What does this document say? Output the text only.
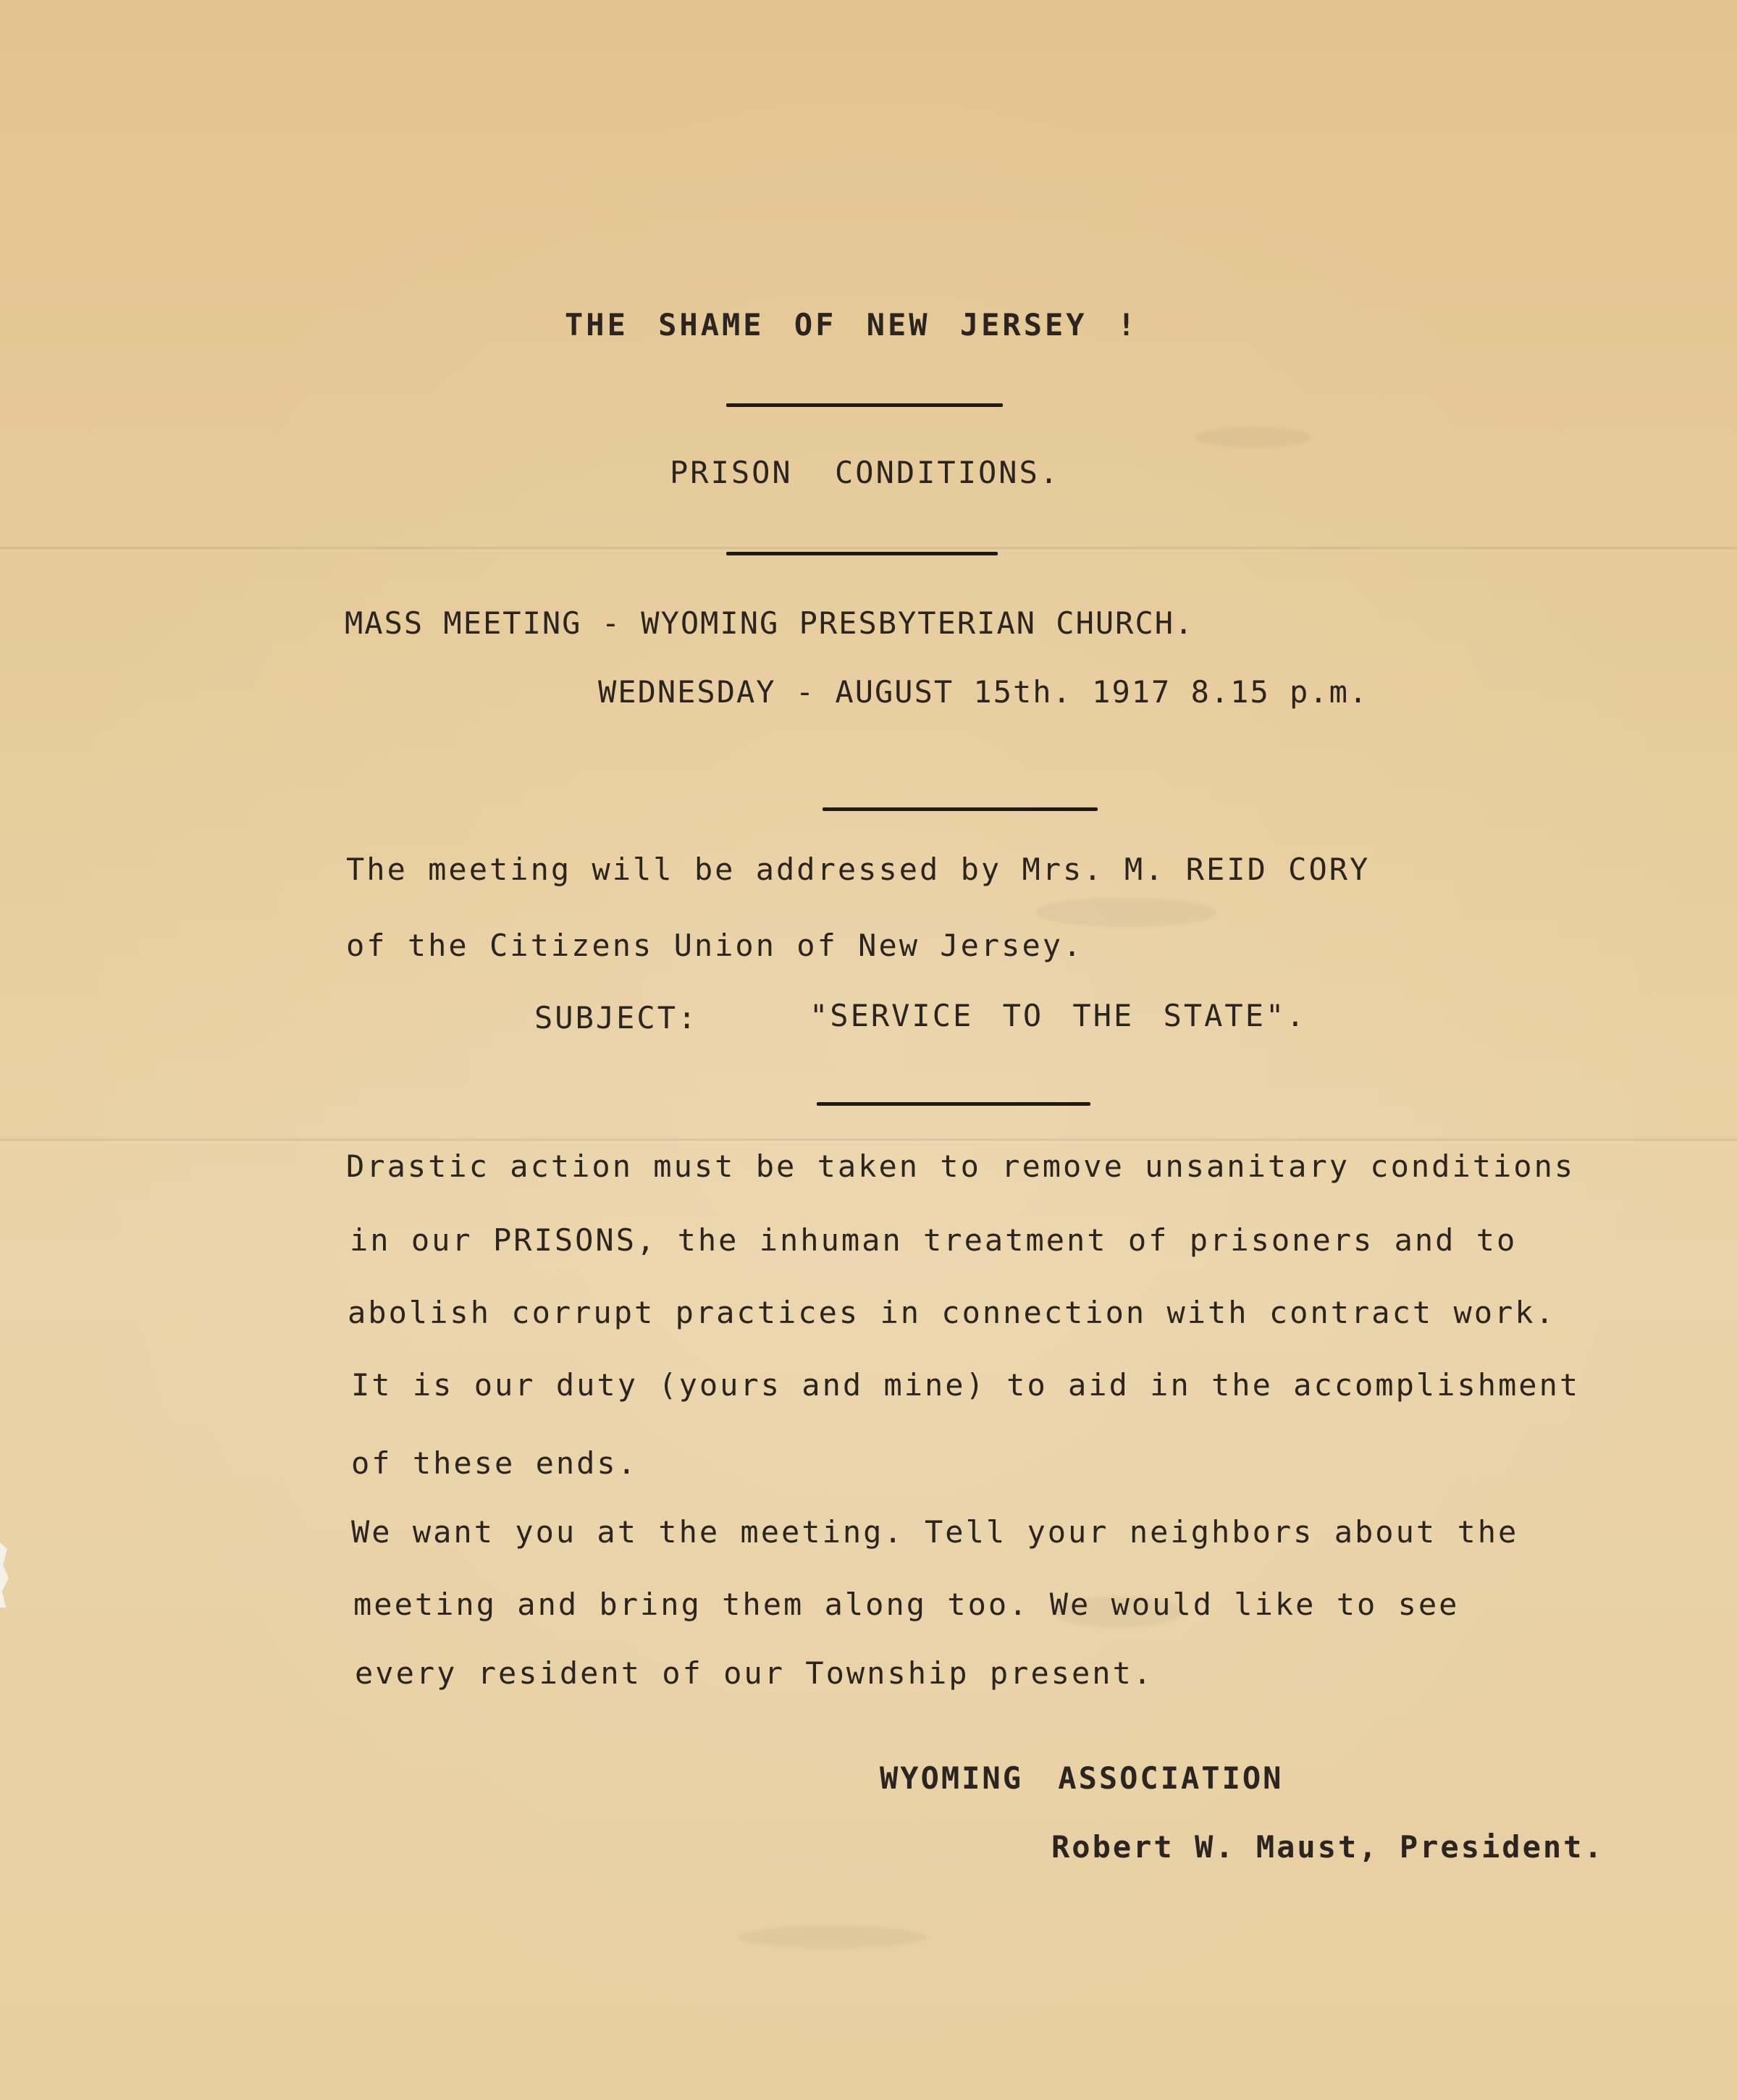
THE SHAME OF NEW JERSEY !
PRISON CONDITIONS.
MASS MEETING - WYOMING PRESBYTERIAN CHURCH.
WEDNESDAY - AUGUST 15th. 1917 8.15 p.m.
The meeting will be addressed by Mrs. M. REID CORY
of the Citizens Union of New Jersey.
SUBJECT:	"SERVICE TO THE STATE".
Drastic action must be taken to remove unsanitary conditions
in our PRISONS, the inhuman treatment of prisoners and to
abolish corrupt practices in connection with contract work.
It is our duty (yours and mine) to aid in the accomplishment
of these ends.
We want you at the meeting. Tell your neighbors about the
meeting and bring them along too. We would like to see
every resident of our Township present.
WYOMING ASSOCIATION
Robert W. Maust, President.
